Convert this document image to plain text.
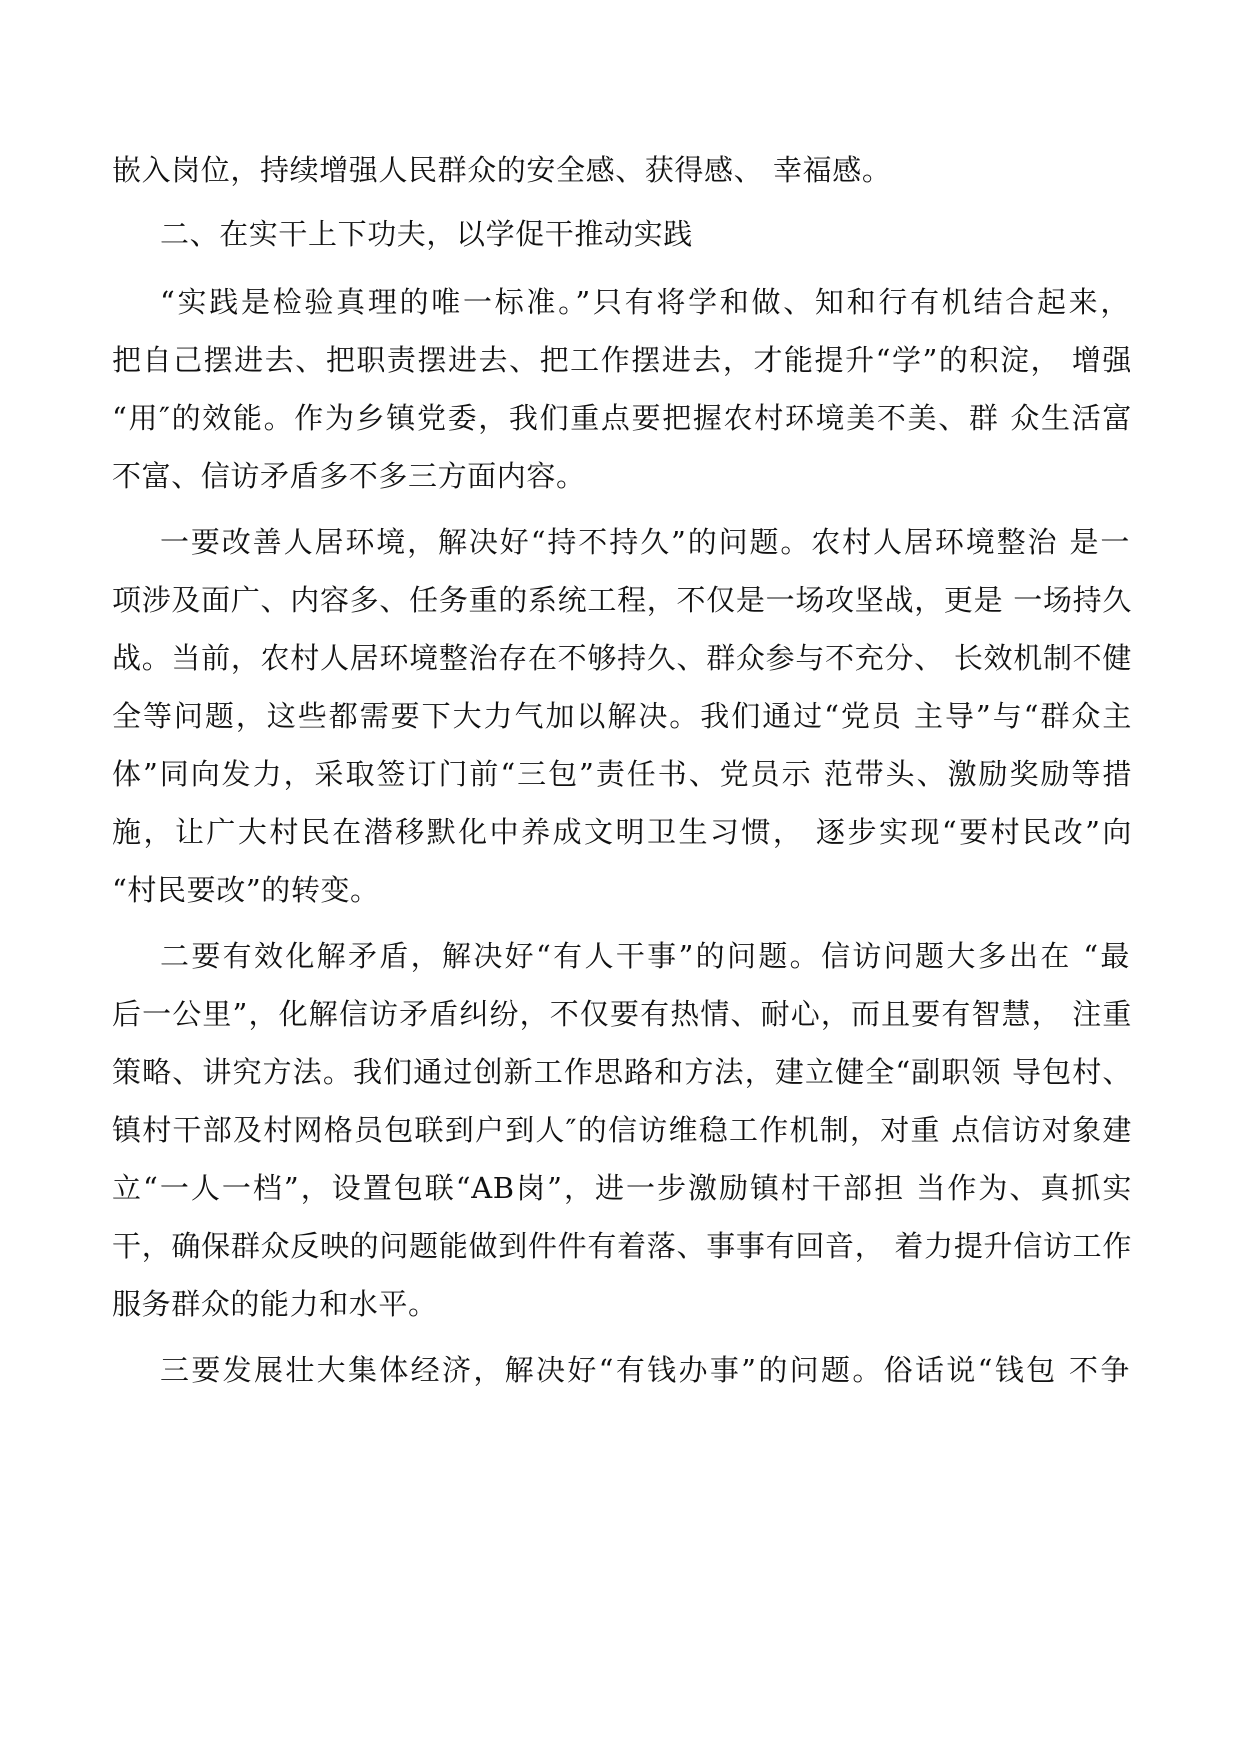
嵌入岗位，持续增强人民群众的安全感、获得感、 幸福感。
二、在实干上下功夫，以学促干推动实践
“实践是检验真理的唯一标准。”只有将学和做、知和行有机结合起来，
把自己摆进去、把职责摆进去、把工作摆进去，才能提升“学”的积淀， 增强
“用″的效能。作为乡镇党委，我们重点要把握农村环境美不美、群 众生活富
不富、信访矛盾多不多三方面内容。
一要改善人居环境，解决好“持不持久”的问题。农村人居环境整治 是一
项涉及面广、内容多、任务重的系统工程，不仅是一场攻坚战，更是 一场持久
战。当前，农村人居环境整治存在不够持久、群众参与不充分、 长效机制不健
全等问题，这些都需要下大力气加以解决。我们通过“党员 主导”与“群众主
体”同向发力，采取签订门前“三包”责任书、党员示 范带头、激励奖励等措
施，让广大村民在潜移默化中养成文明卫生习惯， 逐步实现“要村民改”向
“村民要改”的转变。
二要有效化解矛盾，解决好“有人干事”的问题。信访问题大多出在 “最
后一公里”，化解信访矛盾纠纷，不仅要有热情、耐心，而且要有智慧， 注重
策略、讲究方法。我们通过创新工作思路和方法，建立健全“副职领 导包村、
镇村干部及村网格员包联到户到人″的信访维稳工作机制，对重 点信访对象建
立“一人一档”，设置包联“AB岗”，进一步激励镇村干部担 当作为、真抓实
干，确保群众反映的问题能做到件件有着落、事事有回音， 着力提升信访工作
服务群众的能力和水平。
三要发展壮大集体经济，解决好“有钱办事”的问题。俗话说“钱包 不争
